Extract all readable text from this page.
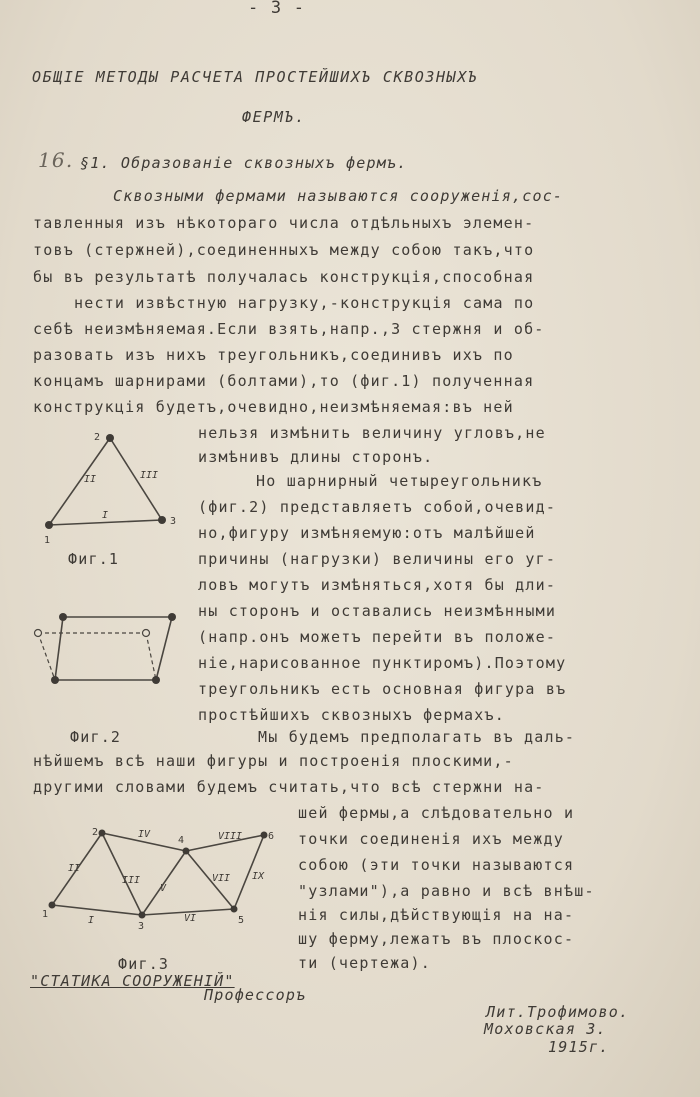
- 3 -
ОБЩIЕ МЕТОДЫ РАСЧЕТА ПРОСТЕЙШИХЪ СКВОЗНЫХЪ
ФЕРМЪ.
16. §1. Образованiе сквозныхъ фермъ.
Сквозными фермами называются сооруженiя,сос-
тавленныя изъ нѣкотораго числа отдѣльныхъ элемен-
товъ (стержней),соединенныхъ между собою такъ,что
бы въ результатѣ получалась конструкцiя,способная
нести извѣстную нагрузку,-конструкцiя сама по
себѣ неизмѣняемая.Если взять,напр.,3 стержня и об-
разовать изъ нихъ треугольникъ,соединивъ ихъ по
концамъ шарнирами (болтами),то (фиг.1) полученная
конструкцiя будетъ,очевидно,неизмѣняемая:въ ней
нельзя измѣнить величину угловъ,не
измѣнивъ длины сторонъ.
1
2
3
I
II	III
Фиг.1
Но шарнирный четыреугольникъ
(фиг.2) представляетъ собой,очевид-
но,фигуру измѣняемую:отъ малѣйшей
причины (нагрузки) величины его уг-
ловъ могутъ измѣняться,хотя бы дли-
ны сторонъ и оставались неизмѣнными
(напр.онъ можетъ перейти въ положе-
нiе,нарисованное пунктиромъ).Поэтому
треугольникъ есть основная фигура въ
простѣйшихъ сквозныхъ фермахъ.
Фиг.2	Мы будемъ предполагать въ даль-
нѣйшемъ всѣ наши фигуры и построенiя плоскими,-
другими словами будемъ считать,что всѣ стержни на-
шей фермы,а слѣдовательно и
точки соединенiя ихъ между
собою (эти точки называются
"узлами"),а равно и всѣ внѣш-
нiя силы,дѣйствующiя на на-
шу ферму,лежатъ въ плоскос-
ти (чертежа).
1
2
3
4
5
6
I
II
III
IV
V
VI
VII
VIII
IX
Фиг.3
"СТАТИКА СООРУЖЕНIЙ"
Профессоръ
Лит.Трофимово.
Моховская 3.
1915г.
